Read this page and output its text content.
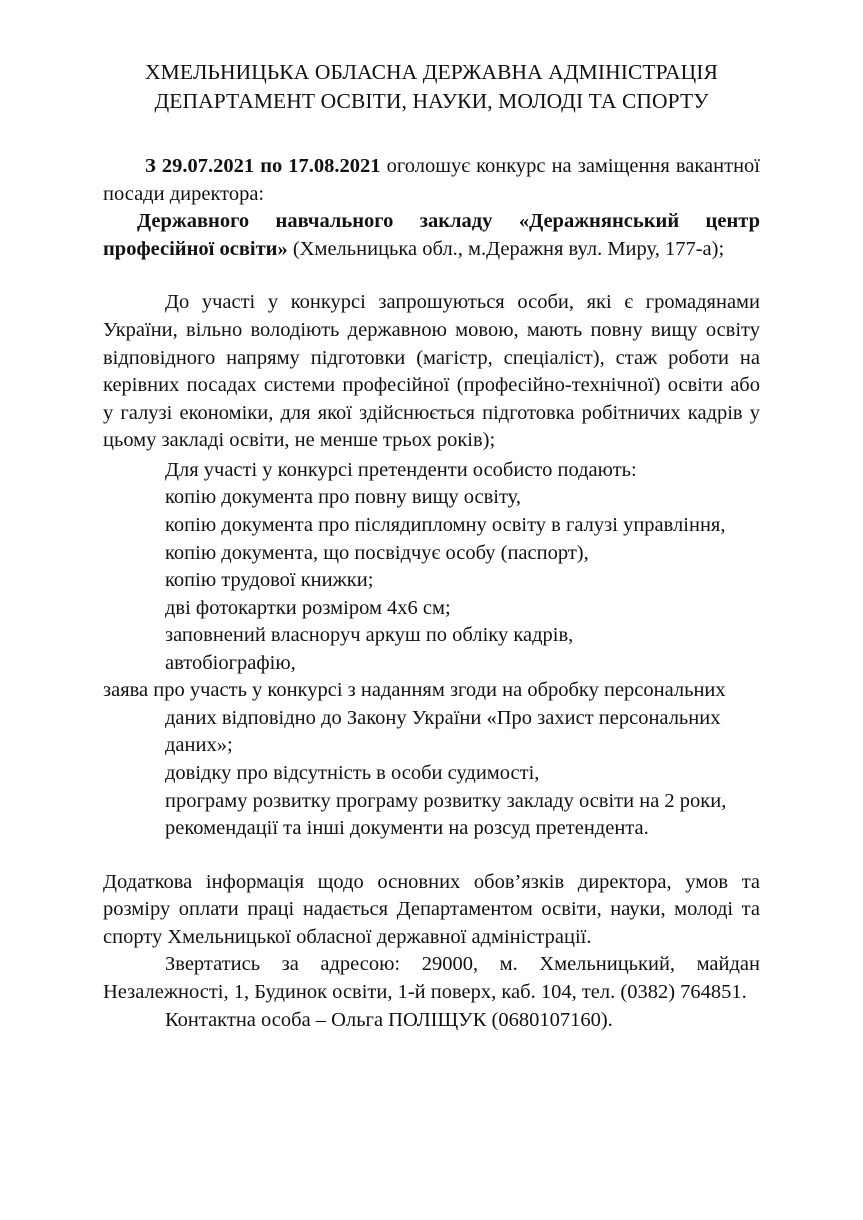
ХМЕЛЬНИЦЬКА ОБЛАСНА ДЕРЖАВНА АДМІНІСТРАЦІЯ
ДЕПАРТАМЕНТ ОСВІТИ, НАУКИ, МОЛОДІ ТА СПОРТУ
З 29.07.2021 по 17.08.2021 оголошує конкурс на заміщення вакантної посади директора:
Державного навчального закладу «Деражнянський центр професійної освіти» (Хмельницька обл., м.Деражня вул. Миру, 177-а);
До участі у конкурсі запрошуються особи, які є громадянами України, вільно володіють державною мовою, мають повну вищу освіту відповідного напряму підготовки (магістр, спеціаліст), стаж роботи на керівних посадах системи професійної (професійно-технічної) освіти або у галузі економіки, для якої здійснюється підготовка робітничих кадрів у цьому закладі освіти, не менше трьох років);
Для участі у конкурсі претенденти особисто подають:
копію документа про повну вищу освіту,
копію документа про післядипломну освіту в галузі управління,
копію документа, що посвідчує особу (паспорт),
копію трудової книжки;
дві фотокартки розміром 4х6 см;
заповнений власноруч аркуш по обліку кадрів,
автобіографію,
заява про участь у конкурсі з наданням згоди на обробку персональних даних відповідно до Закону України «Про захист персональних даних»;
довідку про відсутність в особи судимості,
програму розвитку програму розвитку закладу освіти на 2 роки,
рекомендації та інші документи на розсуд претендента.
Додаткова інформація щодо основних обов’язків директора, умов та розміру оплати праці надається Департаментом освіти, науки, молоді та спорту Хмельницької обласної державної адміністрації.
Звертатись за адресою: 29000, м. Хмельницький, майдан Незалежності, 1, Будинок освіти, 1-й поверх, каб. 104, тел. (0382) 764851.
Контактна особа – Ольга ПОЛІЩУК (0680107160).
